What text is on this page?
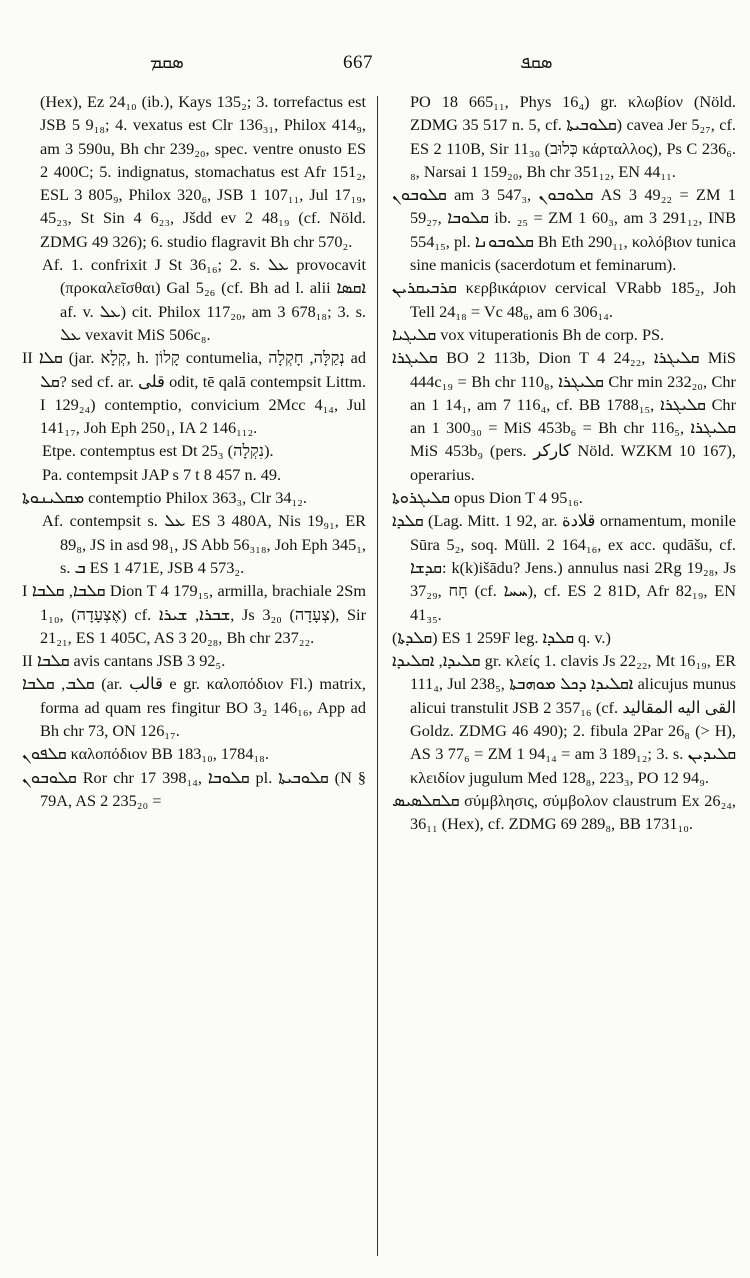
ܣܩܡ	667	ܣܩܦ

(Hex), Ez 24₁₀ (ib.), Kays 135₂; 3. torrefactus est JSB 5 9₁₈; 4. vexatus est Clr 136₃₁, Philox 414₉, am 3 590u, Bh chr 239₂₀, spec. ventre onusto ES 2 400C; 5. indignatus, stomachatus est Afr 151₂, ESL 3 805₉, Philox 320₆, JSB 1 107₁₁, Jul 17₁₉, 45₂₃, St Sin 4 6₂₃, Jšdd ev 2 48₁₉ (cf. Nöld. ZDMG 49 326); 6. studio flagravit Bh chr 570₂.

Af. 1. confrixit J St 36₁₆; 2. s. ܥܠ provocavit (προκαλεῖσθαι) Gal 5₂₆ (cf. Bh ad l. alii ܐܩܣܐ af. v. ܥܠ) cit. Philox 117₂₀, am 3 678₁₈; 3. s. ܥܠ vexavit MiS 506c₈.

II ܩܠܐ (jar. קְלָא, h. קָלוֹן contumelia, נְקַלָּה, חָקְלָה ad ܩܠ? sed cf. ar. قلى odit, tē qalā contempsit Littm. I 129₂₄) contemptio, convicium 2Mcc 4₁₄, Jul 141₁₇, Joh Eph 250₁, IA 2 146₁₁₂.

Etpe. contemptus est Dt 25₃ (נִקְלָה).

Pa. contempsit JAP s 7 t 8 457 n. 49.

ܡܩܠܝܢܘܬܐ contemptio Philox 363₃, Clr 34₁₂.

Af. contempsit s. ܥܠ ES 3 480A, Nis 19₉₁, ER 89₈, JS in asd 98₁, JS Abb 56₃₁₈, Joh Eph 345₁, s. ܒ ES 1 471E, JSB 4 573₂.

I ܩܠܒܐ, ܩܠܒܐ Dion T 4 179₁₅, armilla, brachiale 2Sm 1₁₀, (אֶצְעָדָה) cf. ܫܒܪܐ, ܫܝܪܐ, Js 3₂₀ (צְעָדָה), Sir 21₂₁, ES 1 405C, AS 3 20₂₈, Bh chr 237₂₂.

II ܩܠܒܐ avis cantans JSB 3 92₅.

ܩܠܒ, ܩܠܒܐ (ar. قالب e gr. καλοπόδιον Fl.) matrix, forma ad quam res fingitur BO 3₂ 146₁₆, App ad Bh chr 73, ON 126₁₇.

ܩܠܦܘܢ καλοπόδιον BB 183₁₀, 1784₁₈.

ܩܠܘܒܘܢ Ror chr 17 398₁₄, ܩܠܘܒܐ pl. ܩܠܘܒܝܬܐ (N § 79A, AS 2 235₂₀ =

PO 18 665₁₁, Phys 16₄) gr. κλωβίον (Nöld. ZDMG 35 517 n. 5, cf. ܩܠܘܒܝܬܐ) cavea Jer 5₂₇, cf. ES 2 110B, Sir 11₃₀ (כְּלוּב κάρταλλος), Ps C 236₆. ₈, Narsai 1 159₂₀, Bh chr 351₁₂, EN 44₁₁.

ܩܠܘܒܘܢ am 3 547₃, ܩܠܘܒܘܢ AS 3 49₂₂ = ZM 1 59₂₇, ܩܠܘܒܐ ib. ₂₅ = ZM 1 60₃, am 3 291₁₂, INB 554₁₅, pl. ܩܠܘܒܘܢܐ Bh Eth 290₁₁, κολόβιον tunica sine manicis (sacerdotum et feminarum).

ܩܪܒܝܩܪܝܢ κερβικάριον cervical VRabb 185₂, Joh Tell 24₁₈ = Vc 48₆, am 6 306₁₄.

ܩܠܝܓܝܐ vox vituperationis Bh de corp. PS.

ܩܠܝܓܪܐ BO 2 113b, Dion T 4 24₂₂, ܩܠܝܓܪܐ MiS 444c₁₉ = Bh chr 110₈, ܩܠܝܓܪܐ Chr min 232₂₀, Chr an 1 14₁, am 7 116₄, cf. BB 1788₁₅, ܩܠܝܓܪܐ Chr an 1 300₃₀ = MiS 453b₆ = Bh chr 116₅, ܩܠܝܓܪܐ MiS 453b₉ (pers. كاركر Nöld. WZKM 10 167), operarius.

ܩܠܝܓܪܘܬܐ opus Dion T 4 95₁₆.

ܩܠܕܐ (Lag. Mitt. 1 92, ar. قلادة ornamentum, monile Sūra 5₂, soq. Müll. 2 164₁₆, ex acc. qudāšu, cf. ܩܕܫܐ: k(k)išādu? Jens.) annulus nasi 2Rg 19₂₈, Js 37₂₉, חָח (cf. ܚܚܐ), cf. ES 2 81D, Afr 82₁₉, EN 41₃₅.

(ܩܠܕܬܐ) ES 1 259F leg. ܩܠܕܐ q. v.)

ܩܠܝܕܐ, ܐܩܠܝܕܐ gr. κλείς 1. clavis Js 22₂₂, Mt 16₁₉, ER 111₄, Jul 238₅, ܐܩܠܝܕܐ ܕܟܠ ܡܘܗܒܬܐ alicujus munus alicui transtulit JSB 2 357₁₆ (cf. القى اليه المقاليد Goldz. ZDMG 46 490); 2. fibula 2Par 26₈ (> H), AS 3 77₆ = ZM 1 94₁₄ = am 3 189₁₂; 3. s. ܩܠܝܕܝܢ κλειδίον jugulum Med 128₈, 223₃, PO 12 94₉.

ܩܠܩܠܣܝܣ σύμβλησις, σύμβολον claustrum Ex 26₂₄, 36₁₁ (Hex), cf. ZDMG 69 289₈, BB 1731₁₀.
